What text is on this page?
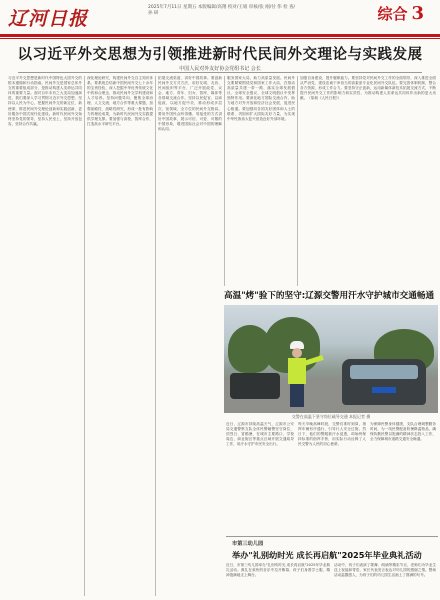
辽河日报
2025年7月11日 星期五 本版编辑/高翔 校对/王娟 审核/张 刚/付 伟 检 查/孙 研	综合 3
以习近平外交思想为引领推进新时代民间外交理论与实践发展
中国人民对外友好协会党组书记 会长
习近平外交思想是新时代中国特色大国外交的根本遵循和行动指南。民间外交是国家总体外交的重要组成部分，是推动构建人类命运共同体的重要力量。面对百年未有之大变局加速演进，我们要深入学习贯彻习近平外交思想，坚持以人民为中心，把握民间外交的新定位、新使命，推进民间外交理论创新和实践创新，更好服务中国式现代化建设。新时代民间外交始终坚持党的领导，坚持人民至上，坚持开放包容，坚持合作共赢。
深化理论研究，构建民间外交自主知识体系。要系统总结新中国民间外交七十余年的宝贵经验，深入挖掘中华优秀传统文化中的和合理念，推动民间外交学科建设和人才培养。坚持问题导向，聚焦全球治理、人文交流、地方合作等重大课题，加强前瞻性、战略性研究，形成一批有影响力的理论成果，为新时代民间外交实践提供学理支撑。要加强与高校、智库合作，打造高水平研究平台。
拓展交流渠道，讲好中国故事。要创新民间外交方式方法，用好友城、友协、民间组织等平台，广泛开展政党、议会、地方、青年、妇女、智库、媒体等各领域交流合作。坚持以民促官、以商促政、以地方促中央，推动形成多层次、宽领域、全方位的民间外交格局。要用外国民众听得懂、易接受的方式讲好中国故事，展示可信、可爱、可敬的中国形象，增进国际社会对中国的理解和认同。
服务国家大局，助力高质量发展。民间外交要紧紧围绕党和国家工作大局，在推动高质量共建一带一路、落实全球发展倡议、全球安全倡议、全球文明倡议中发挥独特作用。要深化地方国际交流合作，助力地方对外开放和经济社会发展，促进民心相通。要加强同各国友好团体和人士的联系，巩固和扩大国际友好力量，为实现中华民族伟大复兴营造良好外部环境。
加强自身建设，提升履职能力。要坚持党对民间外交工作的全面领导，深入推进全面从严治党，建设忠诚干净担当的高素质专业化民间外交队伍。要完善体制机制，整合各方资源，形成工作合力。要坚持守正创新，运用新媒体新技术拓展交流方式，不断提升民间外交工作的影响力和实效性，为推动构建人类命运共同体作出新的更大贡献。（原载《人民日报》）
高温"烤"验下的坚守:辽源交警用汗水守护城市交通畅通
交警在高温下坚守岗位疏导交通 本报记者 摄
近日，辽源市持续高温天气，辽源市公安局交通警察支队全体民警辅警坚守岗位，顶烈日、冒酷暑，在城市主要路口、学校周边、商业街区等重点区域开展交通疏导工作，用汗水守护市民安全出行。
每天早晚高峰时段，交警们准时到岗，指挥车辆有序通行，引导行人安全过街。烈日下，他们的警服被汗水浸透，却始终保持标准的指挥手势，用实际行动诠释了人民交警为人民的初心使命。
为保障民警身体健康，支队合理调整勤务时间，为一线民警配备防暑降温物品，确保执勤民警以饱满的精神状态投入工作，全力保障城市道路交通安全畅通。
市第三幼儿园
举办"礼别幼时光 成长再启航"2025年毕业典礼活动
近日，市第三幼儿园举办"礼别幼时光 成长再启航"2025年毕业典礼活动。典礼在欢快的音乐中拉开帷幕，孩子们身着学士服，精神饱满地走上舞台。
活动中，孩子们表演了歌舞、朗诵等精彩节目，老师们为毕业生送上祝福和寄语，家长代表发言表达对幼儿园的感谢之情。整场活动温馨感人，为孩子们的幼儿园生活画上了圆满的句号。
